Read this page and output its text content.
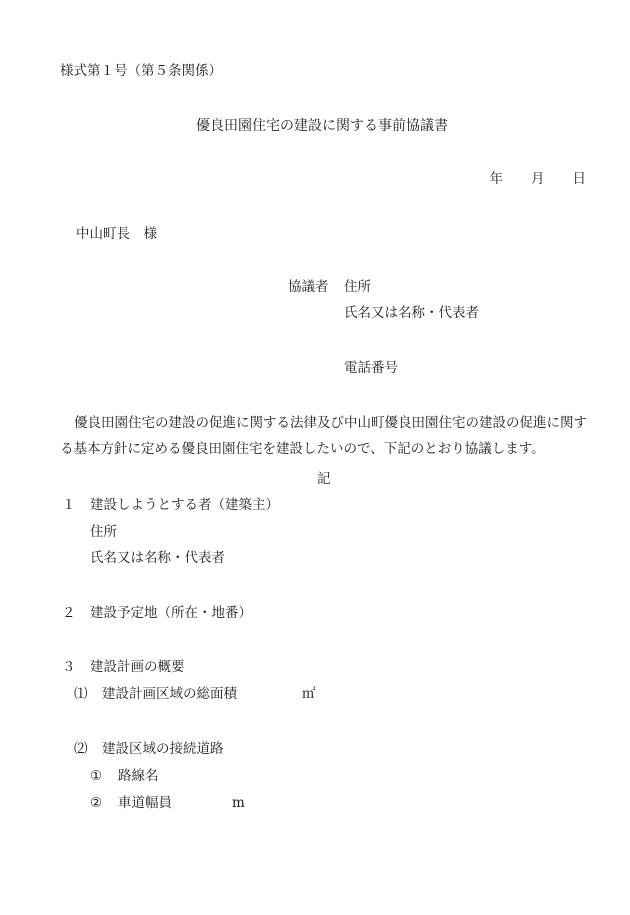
様式第１号（第５条関係）
優良田園住宅の建設に関する事前協議書
年 月 日
中山町長　様
協議者 住所
氏名又は名称・代表者
電話番号
優良田園住宅の建設の促進に関する法律及び中山町優良田園住宅の建設の促進に関する基本方針に定める優良田園住宅を建設したいので、下記のとおり協議します。
記
１ 建設しようとする者（建築主）
住所
氏名又は名称・代表者
２ 建設予定地（所在・地番）
３ 建設計画の概要
⑴ 建設計画区域の総面積	㎡
⑵ 建設区域の接続道路
① 路線名
② 車道幅員	m
